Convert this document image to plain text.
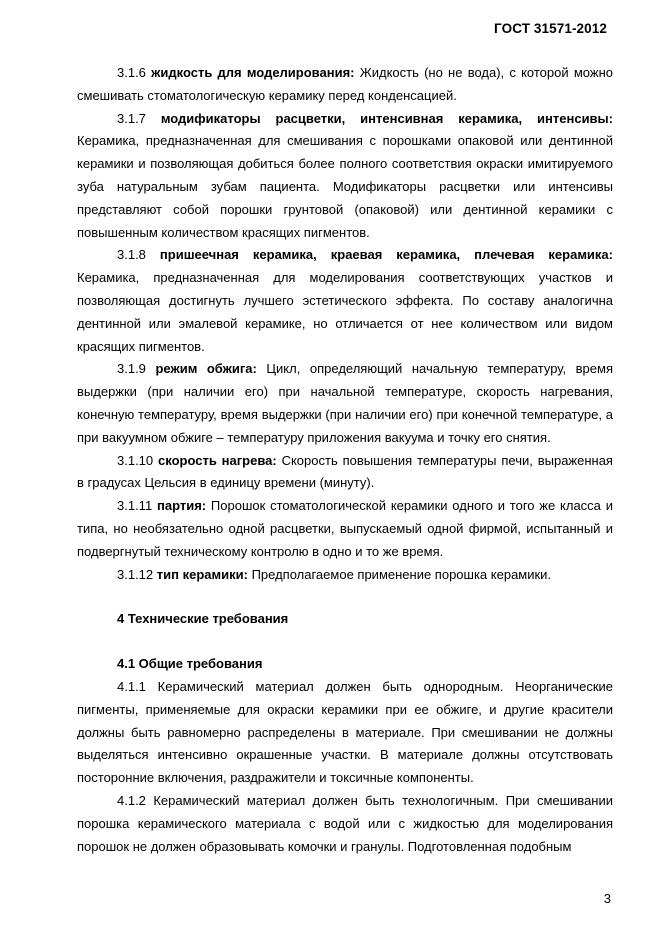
ГОСТ 31571-2012

3.1.6 жидкость для моделирования: Жидкость (но не вода), с которой можно смешивать стоматологическую керамику перед конденсацией.

3.1.7 модификаторы расцветки, интенсивная керамика, интенсивы: Керамика, предназначенная для смешивания с порошками опаковой или дентинной керамики и позволяющая добиться более полного соответствия окраски имитируемого зуба натуральным зубам пациента. Модификаторы расцветки или интенсивы представляют собой порошки грунтовой (опаковой) или дентинной керамики с повышенным количеством красящих пигментов.

3.1.8 пришеечная керамика, краевая керамика, плечевая керамика: Керамика, предназначенная для моделирования соответствующих участков и позволяющая достигнуть лучшего эстетического эффекта. По составу аналогична дентинной или эмалевой керамике, но отличается от нее количеством или видом красящих пигментов.

3.1.9 режим обжига: Цикл, определяющий начальную температуру, время выдержки (при наличии его) при начальной температуре, скорость нагревания, конечную температуру, время выдержки (при наличии его) при конечной температуре, а при вакуумном обжиге – температуру приложения вакуума и точку его снятия.

3.1.10 скорость нагрева: Скорость повышения температуры печи, выраженная в градусах Цельсия в единицу времени (минуту).

3.1.11 партия: Порошок стоматологической керамики одного и того же класса и типа, но необязательно одной расцветки, выпускаемый одной фирмой, испытанный и подвергнутый техническому контролю в одно и то же время.

3.1.12 тип керамики: Предполагаемое применение порошка керамики.

4 Технические требования

4.1 Общие требования

4.1.1 Керамический материал должен быть однородным. Неорганические пигменты, применяемые для окраски керамики при ее обжиге, и другие красители должны быть равномерно распределены в материале. При смешивании не должны выделяться интенсивно окрашенные участки. В материале должны отсутствовать посторонние включения, раздражители и токсичные компоненты.

4.1.2 Керамический материал должен быть технологичным. При смешивании порошка керамического материала с водой или с жидкостью для моделирования порошок не должен образовывать комочки и гранулы. Подготовленная подобным

3
